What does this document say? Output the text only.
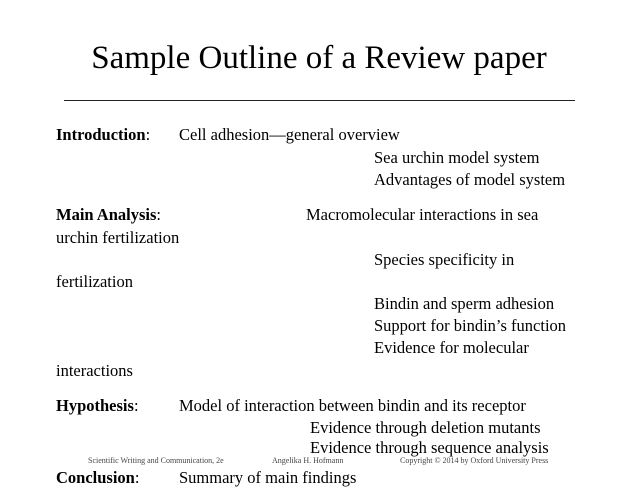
Sample Outline of a Review paper
Introduction: Cell adhesion—general overview
Sea urchin model system
Advantages of model system
Main Analysis:	Macromolecular interactions in sea
urchin fertilization
Species specificity in
fertilization
Bindin and sperm adhesion
Support for bindin’s function
Evidence for molecular
interactions
Hypothesis: Model of interaction between bindin and its receptor
Evidence through deletion mutants
Evidence through sequence analysis
Conclusion: Summary of main findings
Scientific Writing and Communication, 2e	Angelika H. Hofmann	Copyright © 2014 by Oxford University Press
